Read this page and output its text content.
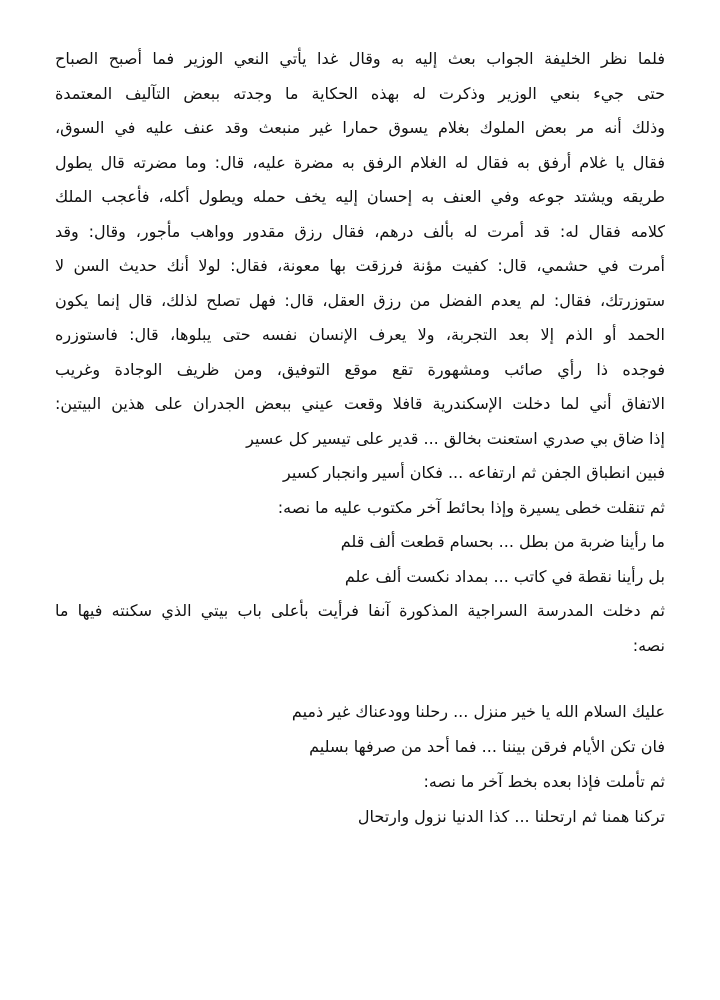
فلما نظر الخليفة الجواب بعث إليه به وقال غدا يأتي النعي الوزير فما أصبح الصباح
حتى جيء بنعي الوزير وذكرت له بهذه الحكاية ما وجدته ببعض التآليف المعتمدة
وذلك أنه مر بعض الملوك بغلام يسوق حمارا غير منبعث وقد عنف عليه في السوق،
فقال يا غلام أرفق به فقال له الغلام الرفق به مضرة عليه، قال: وما مضرته قال يطول
طريقه ويشتد جوعه وفي العنف به إحسان إليه يخف حمله ويطول أكله، فأعجب الملك
كلامه فقال له: قد أمرت له بألف درهم، فقال رزق مقدور وواهب مأجور، وقال: وقد
أمرت في حشمي، قال: كفيت مؤنة فرزقت بها معونة، فقال: لولا أنك حديث السن لا
ستوزرتك، فقال: لم يعدم الفضل من رزق العقل، قال: فهل تصلح لذلك، قال إنما يكون
الحمد أو الذم إلا بعد التجربة، ولا يعرف الإنسان نفسه حتى يبلوها، قال: فاستوزره
فوجده ذا رأي صائب ومشهورة تقع موقع التوفيق، ومن ظريف الوجادة وغريب
الاتفاق أني لما دخلت الإسكندرية قافلا وقعت عيني ببعض الجدران على هذين البيتين:
إذا ضاق بي صدري استعنت بخالق ... قدير على تيسير كل عسير
فبين انطباق الجفن ثم ارتفاعه ... فكان أسير وانجبار كسير
ثم تنقلت خطى يسيرة وإذا بحائط آخر مكتوب عليه ما نصه:
ما رأينا ضربة من بطل ... بحسام قطعت ألف قلم
بل رأينا نقطة في كاتب ... بمداد نكست ألف علم
ثم دخلت المدرسة السراجية المذكورة آنفا فرأيت بأعلى باب بيتي الذي سكنته فيها ما
نصه:
عليك السلام الله يا خير منزل ... رحلنا وودعناك غير ذميم
فان تكن الأيام فرقن بيننا ... فما أحد من صرفها بسليم
ثم تأملت فإذا بعده بخط آخر ما نصه:
تركنا همنا ثم ارتحلنا ... كذا الدنيا نزول وارتحال
